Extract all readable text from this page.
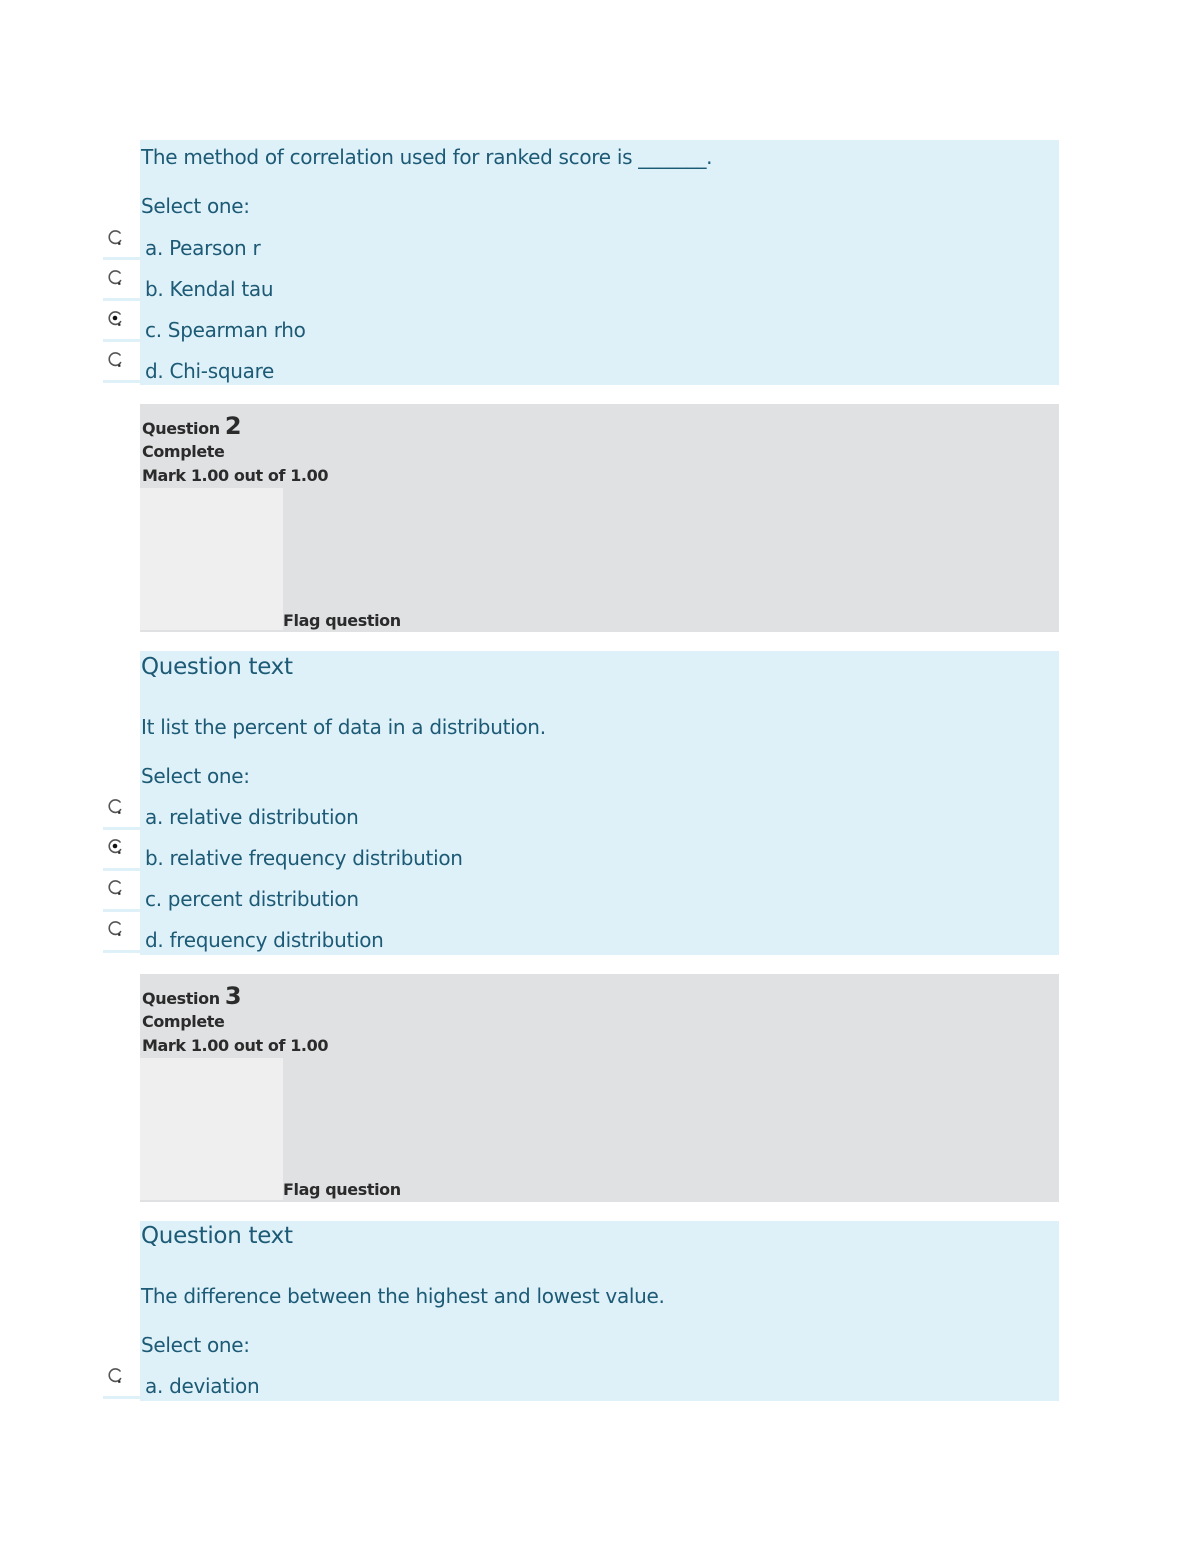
The method of correlation used for ranked score is _______.
Select one:
a. Pearson r
b. Kendal tau
c. Spearman rho
d. Chi-square
Question 2
Complete
Mark 1.00 out of 1.00
Flag question
Question text
It list the percent of data in a distribution.
Select one:
a. relative distribution
b. relative frequency distribution
c. percent distribution
d. frequency distribution
Question 3
Complete
Mark 1.00 out of 1.00
Flag question
Question text
The difference between the highest and lowest value.
Select one:
a. deviation
